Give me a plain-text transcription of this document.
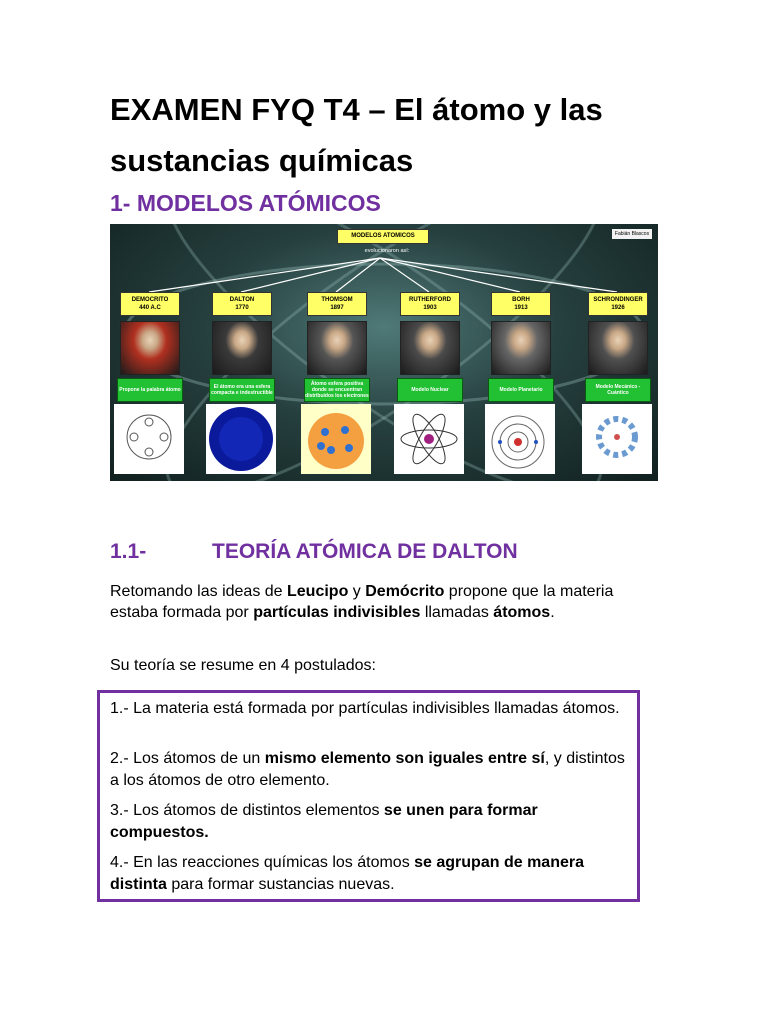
EXAMEN FYQ T4 – El átomo y las sustancias químicas
1- MODELOS ATÓMICOS
MODELOS ATOMICOS
evolucionaron así:
Fabián Blascos
DEMOCRITO
440 A.C
Propone la palabra átomo
DALTON
1770
El átomo era una esfera compacta e indestructible
THOMSOM
1897
Átomo esfera positiva donde se encuentran distribuidos los electrones
RUTHERFORD
1903
Modelo Nuclear
BORH
1913
Modelo Planetario
SCHRONDINGER
1926
Modelo Mecánico - Cuántico
1.1-	TEORÍA ATÓMICA DE DALTON

Retomando las ideas de Leucipo y Demócrito propone que la materia estaba formada por partículas indivisibles llamadas átomos.

Su teoría se resume en 4 postulados:

1.- La materia está formada por partículas indivisibles llamadas átomos.

2.- Los átomos de un mismo elemento son iguales entre sí, y distintos a los átomos de otro elemento.

3.- Los átomos de distintos elementos se unen para formar compuestos.

4.- En las reacciones químicas los átomos se agrupan de manera distinta para formar sustancias nuevas.
